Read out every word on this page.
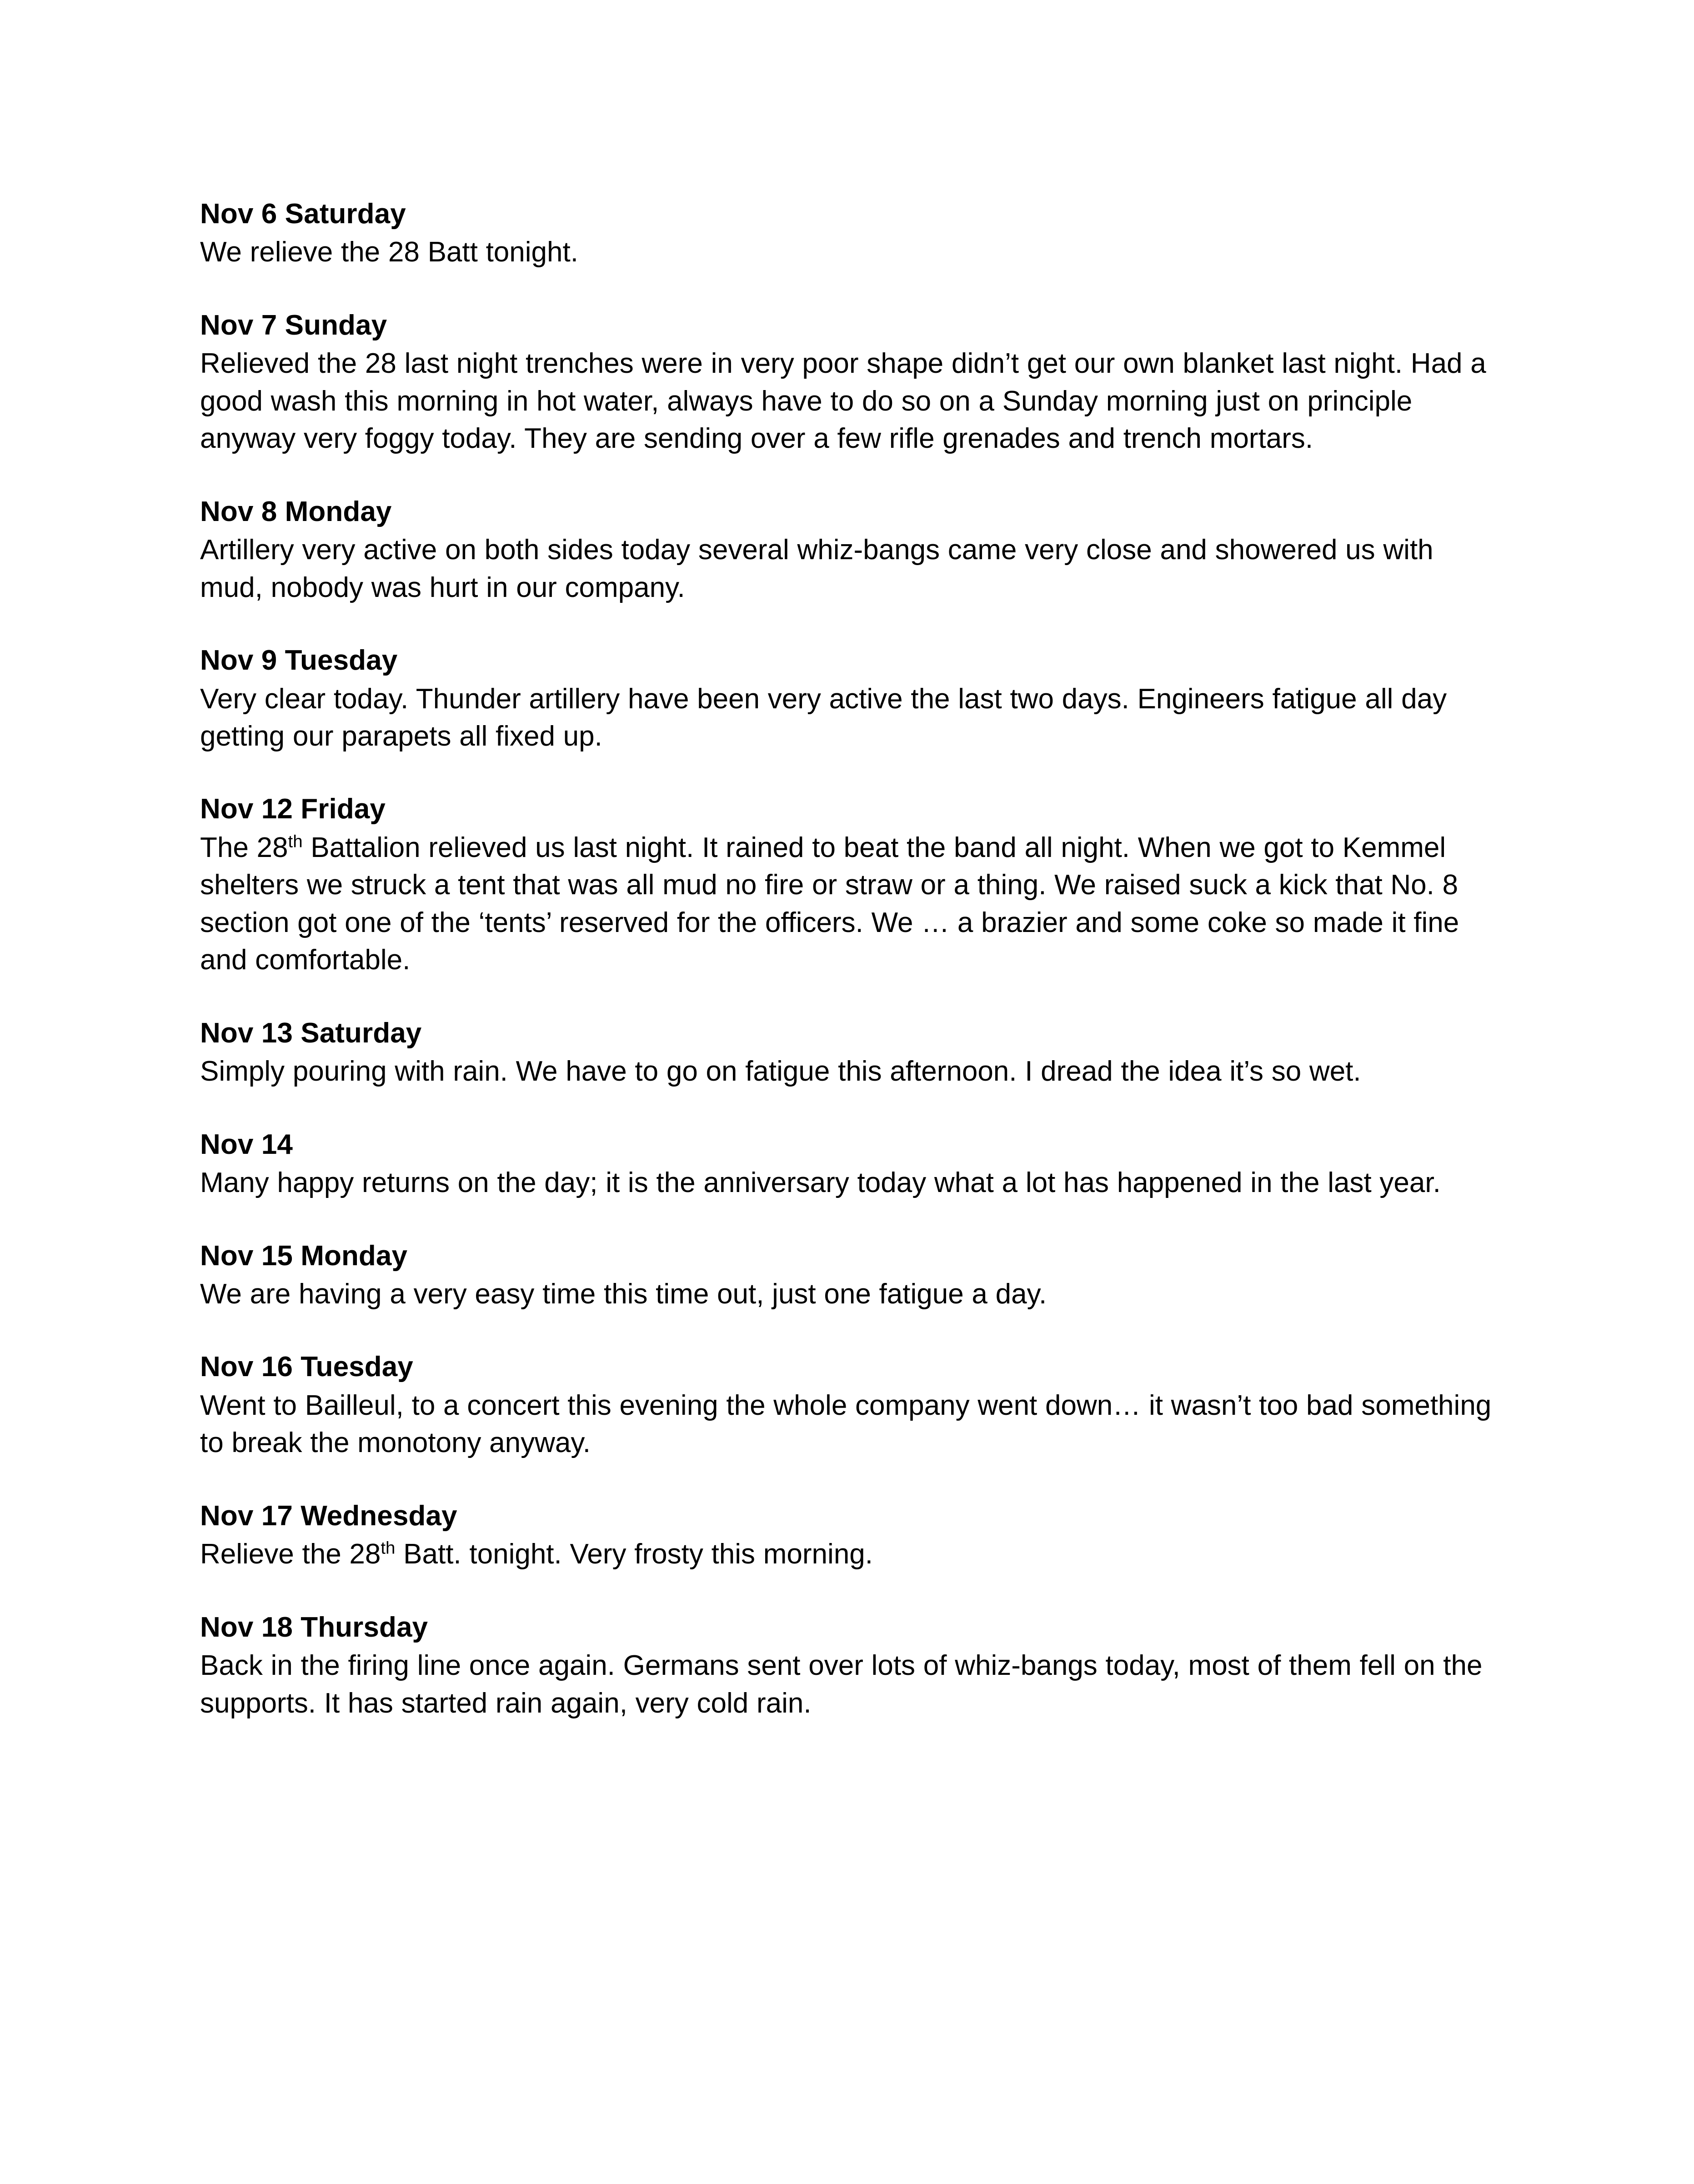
Nov 6 Saturday

We relieve the 28 Batt tonight.

Nov 7 Sunday

Relieved the 28 last night trenches were in very poor shape didn’t get our own blanket last night. Had a good wash this morning in hot water, always have to do so on a Sunday morning just on principle anyway very foggy today. They are sending over a few rifle grenades and trench mortars.

Nov 8 Monday

Artillery very active on both sides today several whiz-bangs came very close and showered us with mud, nobody was hurt in our company.

Nov 9 Tuesday

Very clear today. Thunder artillery have been very active the last two days. Engineers fatigue all day getting our parapets all fixed up.

Nov 12 Friday

The 28th Battalion relieved us last night. It rained to beat the band all night. When we got to Kemmel shelters we struck a tent that was all mud no fire or straw or a thing. We raised suck a kick that No. 8 section got one of the ‘tents’ reserved for the officers. We … a brazier and some coke so made it fine and comfortable.

Nov 13 Saturday

Simply pouring with rain. We have to go on fatigue this afternoon. I dread the idea it’s so wet.

Nov 14

Many happy returns on the day; it is the anniversary today what a lot has happened in the last year.

Nov 15 Monday

We are having a very easy time this time out, just one fatigue a day.

Nov 16 Tuesday

Went to Bailleul, to a concert this evening the whole company went down… it wasn’t too bad something to break the monotony anyway.

Nov 17 Wednesday

Relieve the 28th Batt. tonight. Very frosty this morning.

Nov 18 Thursday

Back in the firing line once again. Germans sent over lots of whiz-bangs today, most of them fell on the supports. It has started rain again, very cold rain.
